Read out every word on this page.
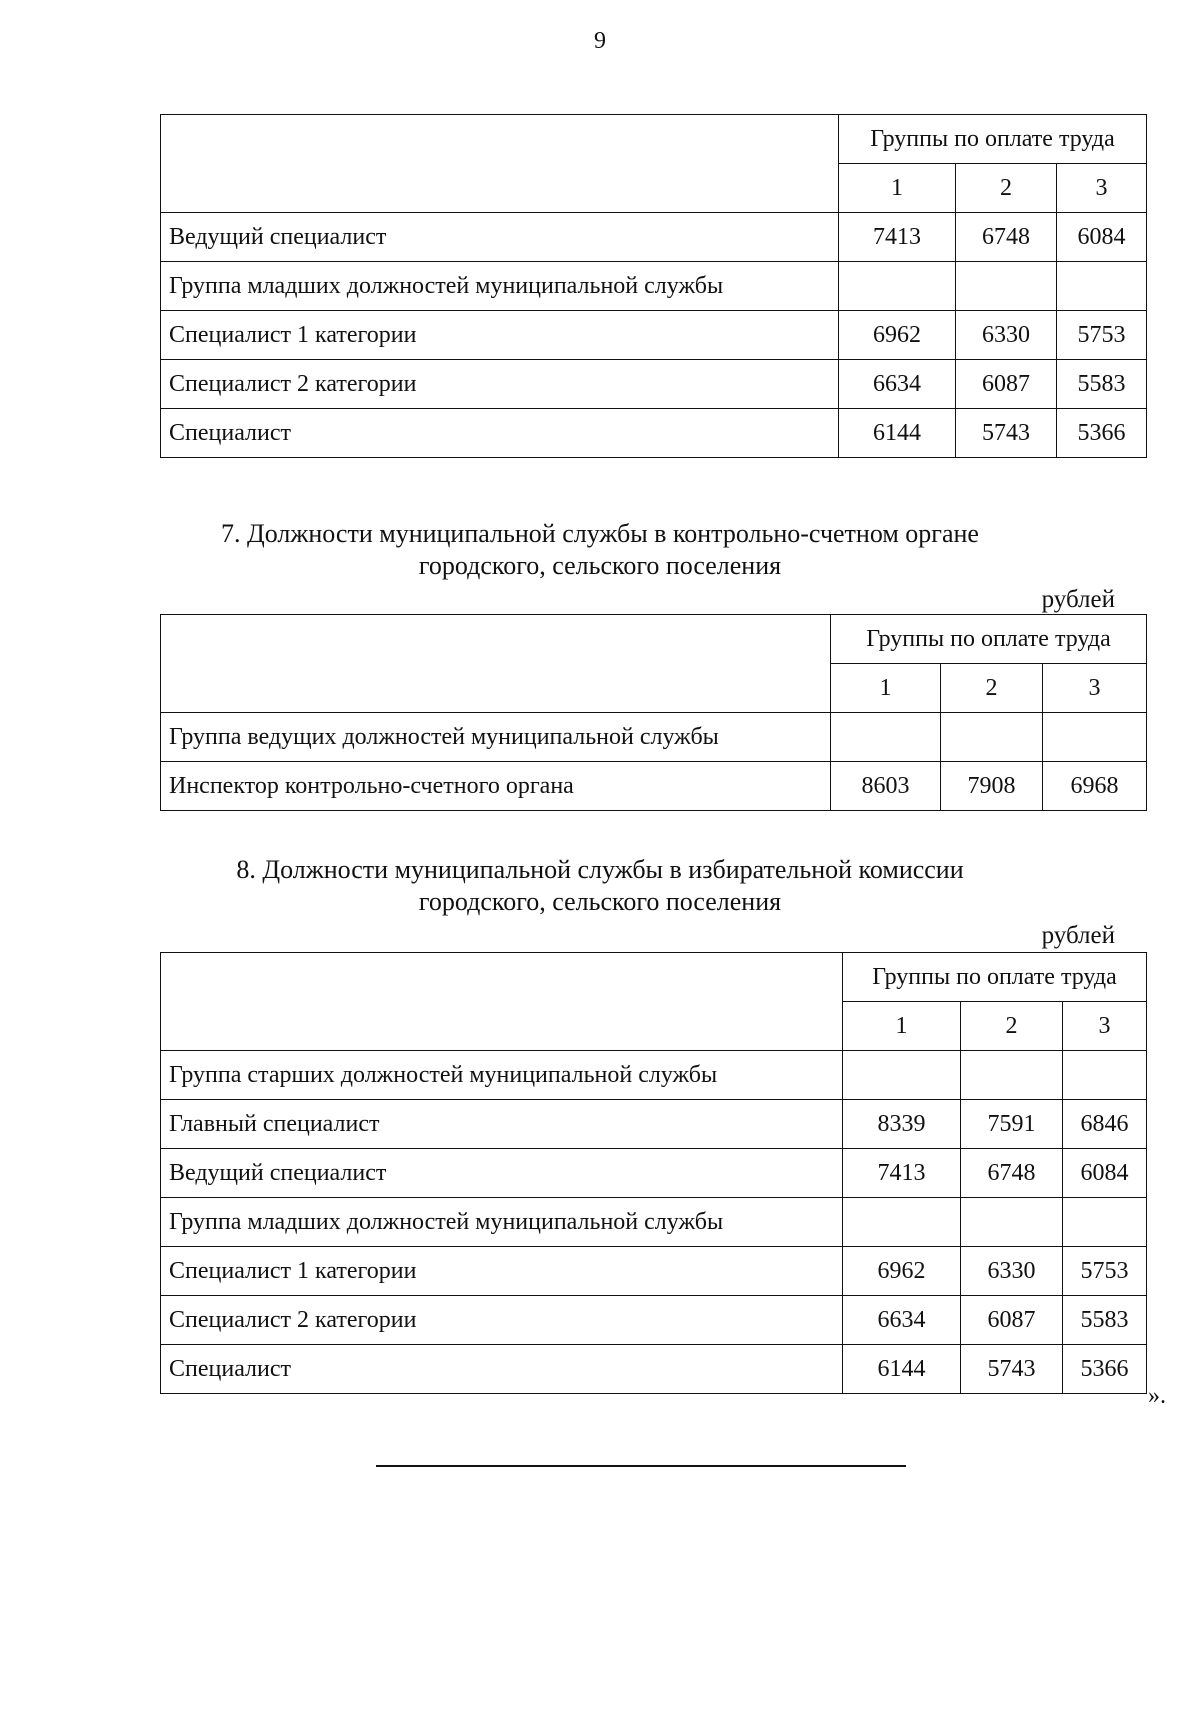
9
	Группы по оплате труда		
	1	2	3
Ведущий специалист	7413	6748	6084
Группа младших должностей муниципальной службы			
Специалист 1 категории	6962	6330	5753
Специалист 2 категории	6634	6087	5583
Специалист	6144	5743	5366
7. Должности муниципальной службы в контрольно-счетном органе
городского, сельского поселения
рублей
	Группы по оплате труда		
	1	2	3
Группа ведущих должностей муниципальной службы			
Инспектор контрольно-счетного органа	8603	7908	6968
8. Должности муниципальной службы в избирательной комиссии
городского, сельского поселения
рублей
	Группы по оплате труда		
	1	2	3
Группа старших должностей муниципальной службы			
Главный специалист	8339	7591	6846
Ведущий специалист	7413	6748	6084
Группа младших должностей муниципальной службы			
Специалист 1 категории	6962	6330	5753
Специалист 2 категории	6634	6087	5583
Специалист	6144	5743	5366
».
